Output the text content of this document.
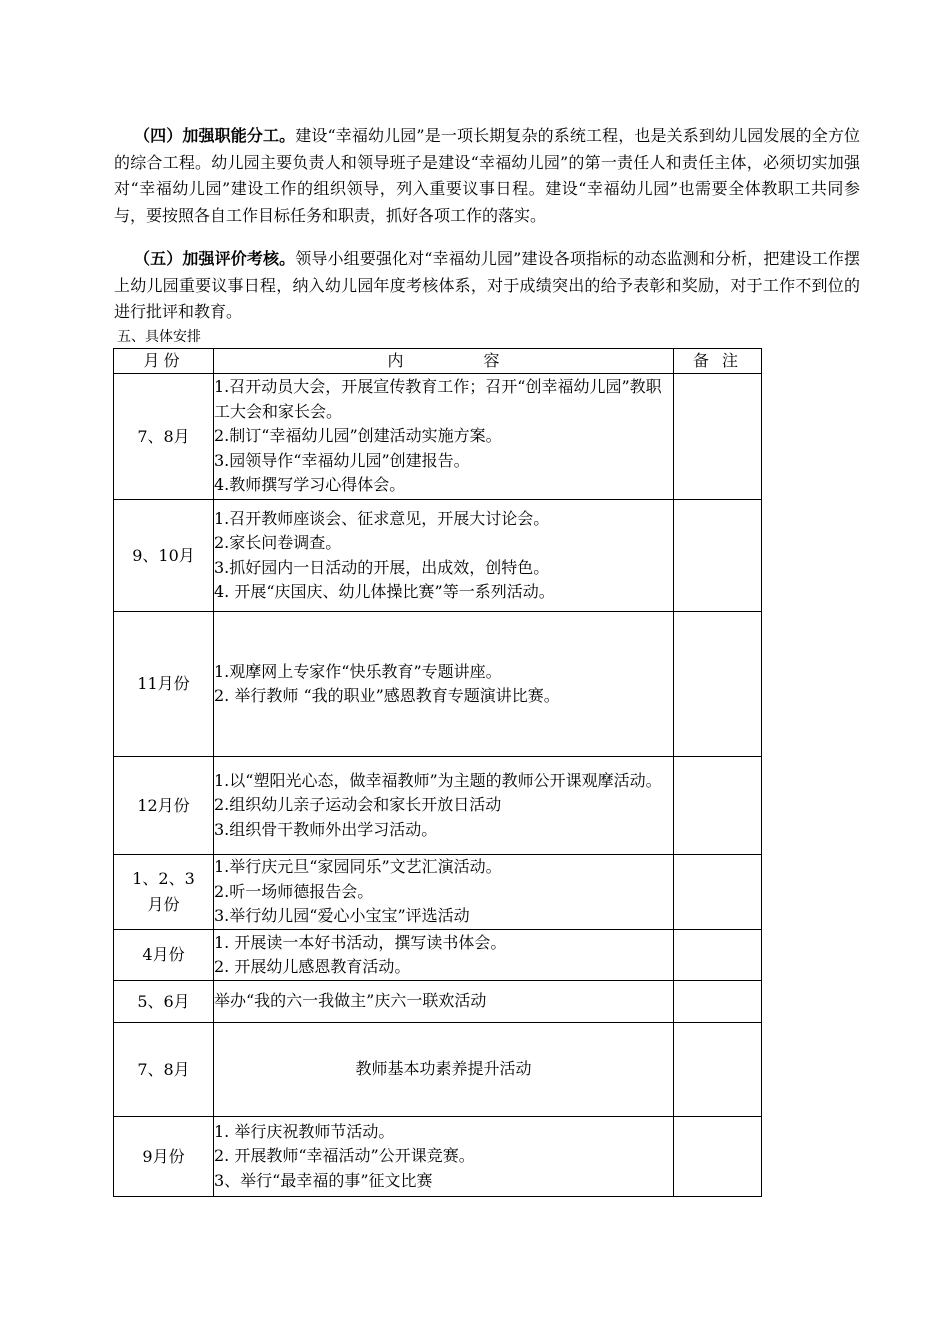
（四）加强职能分工。建设“幸福幼儿园”是一项长期复杂的系统工程，也是关系到幼儿园发展的全方位的综合工程。幼儿园主要负责人和领导班子是建设“幸福幼儿园”的第一责任人和责任主体，必须切实加强对“幸福幼儿园”建设工作的组织领导，列入重要议事日程。建设“幸福幼儿园”也需要全体教职工共同参与，要按照各自工作目标任务和职责，抓好各项工作的落实。

（五）加强评价考核。领导小组要强化对“幸福幼儿园”建设各项指标的动态监测和分析，把建设工作摆上幼儿园重要议事日程，纳入幼儿园年度考核体系，对于成绩突出的给予表彰和奖励，对于工作不到位的进行批评和教育。

五、具体安排

月份	内 容	备 注
7、8月	1.召开动员大会，开展宣传教育工作；召开“创幸福幼儿园”教职工大会和家长会。
2.制订“幸福幼儿园”创建活动实施方案。
3.园领导作“幸福幼儿园”创建报告。
4.教师撰写学习心得体会。	

9、10月	1.召开教师座谈会、征求意见，开展大讨论会。
2.家长问卷调查。
3.抓好园内一日活动的开展，出成效，创特色。
4. 开展“庆国庆、幼儿体操比赛”等一系列活动。	

11月份	1.观摩网上专家作“快乐教育”专题讲座。
2. 举行教师 “我的职业”感恩教育专题演讲比赛。	

12月份	1.以“塑阳光心态，做幸福教师”为主题的教师公开课观摩活动。
2.组织幼儿亲子运动会和家长开放日活动
3.组织骨干教师外出学习活动。	

1、2、3月份	1.举行庆元旦“家园同乐”文艺汇演活动。
2.听一场师德报告会。
3.举行幼儿园“爱心小宝宝”评选活动	

4月份	1. 开展读一本好书活动，撰写读书体会。
2. 开展幼儿感恩教育活动。	

5、6月	举办“我的六一我做主”庆六一联欢活动	

7、8月	教师基本功素养提升活动	

9月份	1. 举行庆祝教师节活动。
2. 开展教师“幸福活动”公开课竞赛。
3、举行“最幸福的事”征文比赛	
